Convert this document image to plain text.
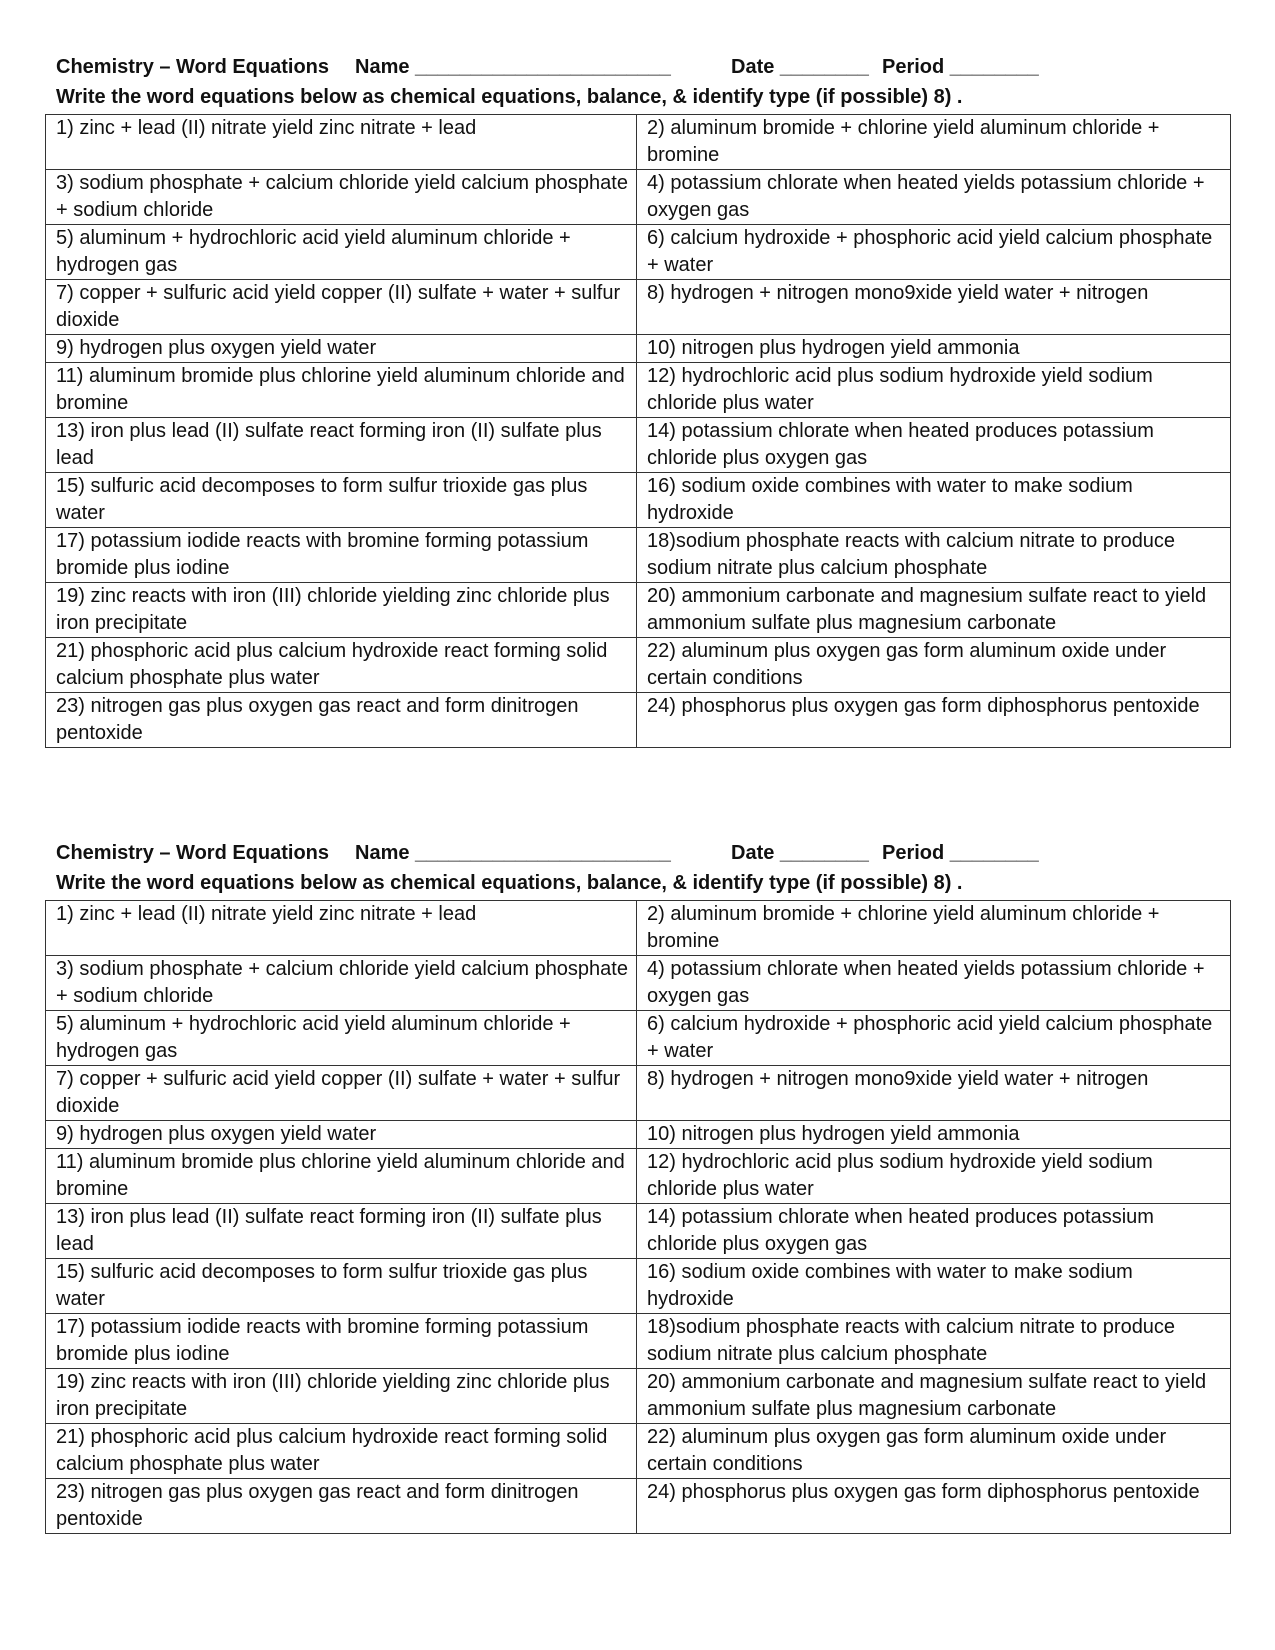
Chemistry – Word Equations Name _______________________	Date ________ Period ________
Write the word equations below as chemical equations, balance, & identify type (if possible) 8) .
1) zinc + lead (II) nitrate yield zinc nitrate + lead	2) aluminum bromide + chlorine yield aluminum chloride + bromine
3) sodium phosphate + calcium chloride yield calcium phosphate + sodium chloride	4) potassium chlorate when heated yields potassium chloride + oxygen gas
5) aluminum + hydrochloric acid yield aluminum chloride + hydrogen gas	6) calcium hydroxide + phosphoric acid yield calcium phosphate + water
7) copper + sulfuric acid yield copper (II) sulfate + water + sulfur dioxide	8) hydrogen + nitrogen mono9xide yield water + nitrogen
9) hydrogen plus oxygen yield water	10) nitrogen plus hydrogen yield ammonia
11) aluminum bromide plus chlorine yield aluminum chloride and bromine	12) hydrochloric acid plus sodium hydroxide yield sodium chloride plus water
13) iron plus lead (II) sulfate react forming iron (II) sulfate plus lead	14) potassium chlorate when heated produces potassium chloride plus oxygen gas
15) sulfuric acid decomposes to form sulfur trioxide gas plus water	16) sodium oxide combines with water to make sodium hydroxide
17) potassium iodide reacts with bromine forming potassium bromide plus iodine	18)sodium phosphate reacts with calcium nitrate to produce sodium nitrate plus calcium phosphate
19) zinc reacts with iron (III) chloride yielding zinc chloride plus iron precipitate	20) ammonium carbonate and magnesium sulfate react to yield ammonium sulfate plus magnesium carbonate
21) phosphoric acid plus calcium hydroxide react forming solid calcium phosphate plus water	22) aluminum plus oxygen gas form aluminum oxide under certain conditions
23) nitrogen gas plus oxygen gas react and form dinitrogen pentoxide	24) phosphorus plus oxygen gas form diphosphorus pentoxide
Chemistry – Word Equations Name _______________________	Date ________ Period ________
Write the word equations below as chemical equations, balance, & identify type (if possible) 8) .
1) zinc + lead (II) nitrate yield zinc nitrate + lead	2) aluminum bromide + chlorine yield aluminum chloride + bromine
3) sodium phosphate + calcium chloride yield calcium phosphate + sodium chloride	4) potassium chlorate when heated yields potassium chloride + oxygen gas
5) aluminum + hydrochloric acid yield aluminum chloride + hydrogen gas	6) calcium hydroxide + phosphoric acid yield calcium phosphate + water
7) copper + sulfuric acid yield copper (II) sulfate + water + sulfur dioxide	8) hydrogen + nitrogen mono9xide yield water + nitrogen
9) hydrogen plus oxygen yield water	10) nitrogen plus hydrogen yield ammonia
11) aluminum bromide plus chlorine yield aluminum chloride and bromine	12) hydrochloric acid plus sodium hydroxide yield sodium chloride plus water
13) iron plus lead (II) sulfate react forming iron (II) sulfate plus lead	14) potassium chlorate when heated produces potassium chloride plus oxygen gas
15) sulfuric acid decomposes to form sulfur trioxide gas plus water	16) sodium oxide combines with water to make sodium hydroxide
17) potassium iodide reacts with bromine forming potassium bromide plus iodine	18)sodium phosphate reacts with calcium nitrate to produce sodium nitrate plus calcium phosphate
19) zinc reacts with iron (III) chloride yielding zinc chloride plus iron precipitate	20) ammonium carbonate and magnesium sulfate react to yield ammonium sulfate plus magnesium carbonate
21) phosphoric acid plus calcium hydroxide react forming solid calcium phosphate plus water	22) aluminum plus oxygen gas form aluminum oxide under certain conditions
23) nitrogen gas plus oxygen gas react and form dinitrogen pentoxide	24) phosphorus plus oxygen gas form diphosphorus pentoxide
